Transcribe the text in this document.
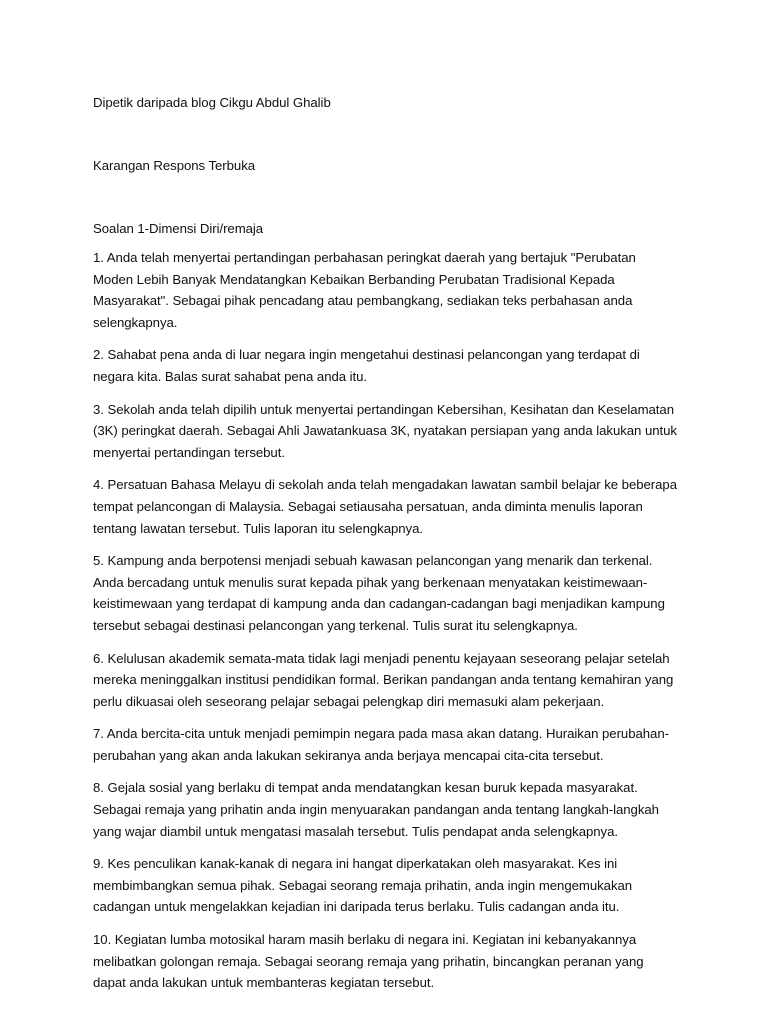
Dipetik daripada blog Cikgu Abdul Ghalib

Karangan Respons Terbuka

Soalan 1-Dimensi Diri/remaja

1. Anda telah menyertai pertandingan perbahasan peringkat daerah yang bertajuk "Perubatan Moden Lebih Banyak Mendatangkan Kebaikan Berbanding Perubatan Tradisional Kepada Masyarakat". Sebagai pihak pencadang atau pembangkang, sediakan teks perbahasan anda selengkapnya.

2. Sahabat pena anda di luar negara ingin mengetahui destinasi pelancongan yang terdapat di negara kita. Balas surat sahabat pena anda itu.

3. Sekolah anda telah dipilih untuk menyertai pertandingan Kebersihan, Kesihatan dan Keselamatan (3K) peringkat daerah. Sebagai Ahli Jawatankuasa 3K, nyatakan persiapan yang anda lakukan untuk menyertai pertandingan tersebut.

4. Persatuan Bahasa Melayu di sekolah anda telah mengadakan lawatan sambil belajar ke beberapa tempat pelancongan di Malaysia. Sebagai setiausaha persatuan, anda diminta menulis laporan tentang lawatan tersebut. Tulis laporan itu selengkapnya.

5. Kampung anda berpotensi menjadi sebuah kawasan pelancongan yang menarik dan terkenal. Anda bercadang untuk menulis surat kepada pihak yang berkenaan menyatakan keistimewaan-keistimewaan yang terdapat di kampung anda dan cadangan-cadangan bagi menjadikan kampung tersebut sebagai destinasi pelancongan yang terkenal. Tulis surat itu selengkapnya.

6. Kelulusan akademik semata-mata tidak lagi menjadi penentu kejayaan seseorang pelajar setelah mereka meninggalkan institusi pendidikan formal. Berikan pandangan anda tentang kemahiran yang perlu dikuasai oleh seseorang pelajar sebagai pelengkap diri memasuki alam pekerjaan.

7. Anda bercita-cita untuk menjadi pemimpin negara pada masa akan datang. Huraikan perubahan-perubahan yang akan anda lakukan sekiranya anda berjaya mencapai cita-cita tersebut.

8. Gejala sosial yang berlaku di tempat anda mendatangkan kesan buruk kepada masyarakat. Sebagai remaja yang prihatin anda ingin menyuarakan pandangan anda tentang langkah-langkah yang wajar diambil untuk mengatasi masalah tersebut. Tulis pendapat anda selengkapnya.

9. Kes penculikan kanak-kanak di negara ini hangat diperkatakan oleh masyarakat. Kes ini membimbangkan semua pihak. Sebagai seorang remaja prihatin, anda ingin mengemukakan cadangan untuk mengelakkan kejadian ini daripada terus berlaku. Tulis cadangan anda itu.

10. Kegiatan lumba motosikal haram masih berlaku di negara ini. Kegiatan ini kebanyakannya melibatkan golongan remaja. Sebagai seorang remaja yang prihatin, bincangkan peranan yang dapat anda lakukan untuk membanteras kegiatan tersebut.
